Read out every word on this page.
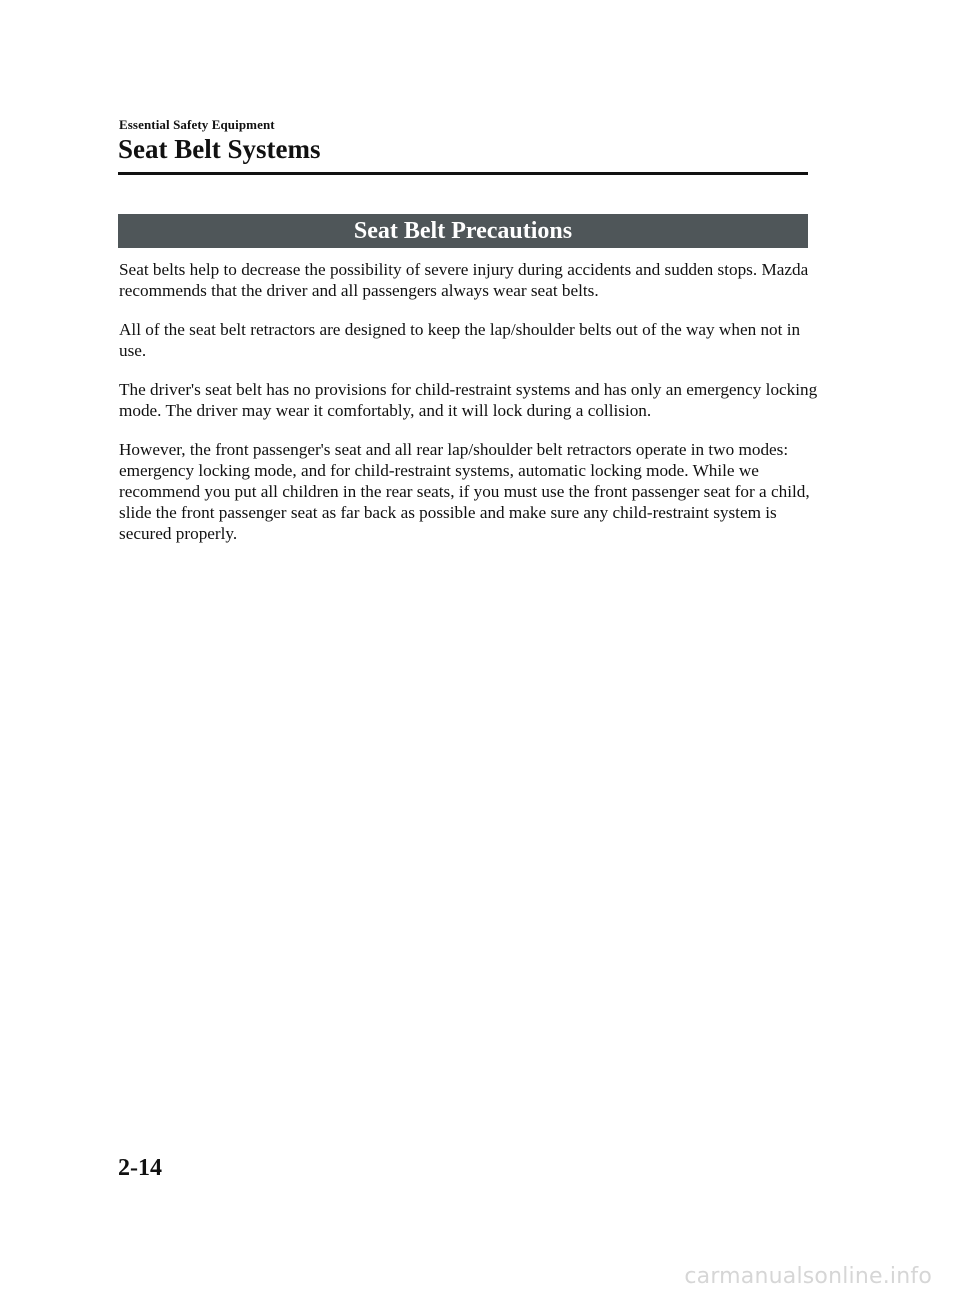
Essential Safety Equipment
Seat Belt Systems
Seat Belt Precautions

Seat belts help to decrease the possibility of severe injury during accidents and sudden stops. Mazda recommends that the driver and all passengers always wear seat belts.

All of the seat belt retractors are designed to keep the lap/shoulder belts out of the way when not in use.

The driver's seat belt has no provisions for child-restraint systems and has only an emergency locking mode. The driver may wear it comfortably, and it will lock during a collision.

However, the front passenger's seat and all rear lap/shoulder belt retractors operate in two modes: emergency locking mode, and for child-restraint systems, automatic locking mode. While we recommend you put all children in the rear seats, if you must use the front passenger seat for a child, slide the front passenger seat as far back as possible and make sure any child-restraint system is secured properly.

2-14
carmanualsonline.info
